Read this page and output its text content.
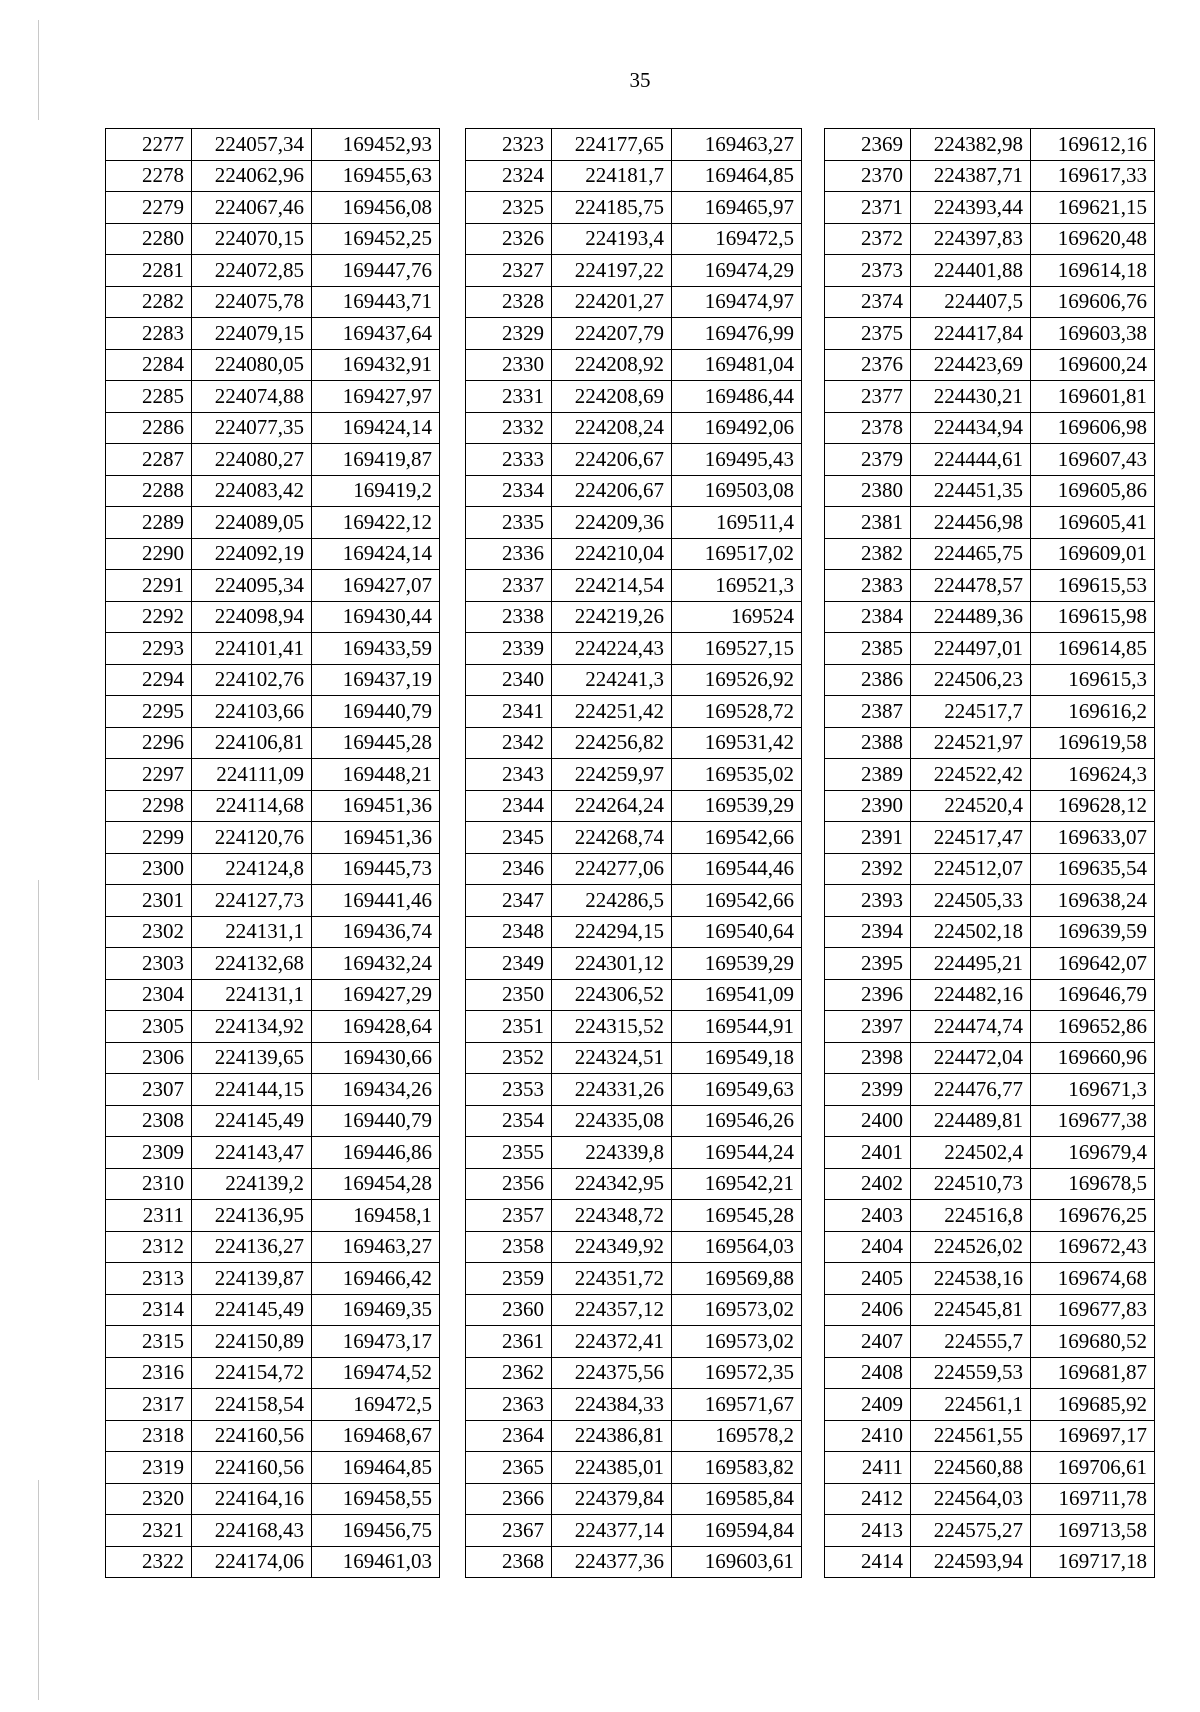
35
2277	224057,34	169452,93
2278	224062,96	169455,63
2279	224067,46	169456,08
2280	224070,15	169452,25
2281	224072,85	169447,76
2282	224075,78	169443,71
2283	224079,15	169437,64
2284	224080,05	169432,91
2285	224074,88	169427,97
2286	224077,35	169424,14
2287	224080,27	169419,87
2288	224083,42	169419,2
2289	224089,05	169422,12
2290	224092,19	169424,14
2291	224095,34	169427,07
2292	224098,94	169430,44
2293	224101,41	169433,59
2294	224102,76	169437,19
2295	224103,66	169440,79
2296	224106,81	169445,28
2297	224111,09	169448,21
2298	224114,68	169451,36
2299	224120,76	169451,36
2300	224124,8	169445,73
2301	224127,73	169441,46
2302	224131,1	169436,74
2303	224132,68	169432,24
2304	224131,1	169427,29
2305	224134,92	169428,64
2306	224139,65	169430,66
2307	224144,15	169434,26
2308	224145,49	169440,79
2309	224143,47	169446,86
2310	224139,2	169454,28
2311	224136,95	169458,1
2312	224136,27	169463,27
2313	224139,87	169466,42
2314	224145,49	169469,35
2315	224150,89	169473,17
2316	224154,72	169474,52
2317	224158,54	169472,5
2318	224160,56	169468,67
2319	224160,56	169464,85
2320	224164,16	169458,55
2321	224168,43	169456,75
2322	224174,06	169461,03
2323	224177,65	169463,27
2324	224181,7	169464,85
2325	224185,75	169465,97
2326	224193,4	169472,5
2327	224197,22	169474,29
2328	224201,27	169474,97
2329	224207,79	169476,99
2330	224208,92	169481,04
2331	224208,69	169486,44
2332	224208,24	169492,06
2333	224206,67	169495,43
2334	224206,67	169503,08
2335	224209,36	169511,4
2336	224210,04	169517,02
2337	224214,54	169521,3
2338	224219,26	169524
2339	224224,43	169527,15
2340	224241,3	169526,92
2341	224251,42	169528,72
2342	224256,82	169531,42
2343	224259,97	169535,02
2344	224264,24	169539,29
2345	224268,74	169542,66
2346	224277,06	169544,46
2347	224286,5	169542,66
2348	224294,15	169540,64
2349	224301,12	169539,29
2350	224306,52	169541,09
2351	224315,52	169544,91
2352	224324,51	169549,18
2353	224331,26	169549,63
2354	224335,08	169546,26
2355	224339,8	169544,24
2356	224342,95	169542,21
2357	224348,72	169545,28
2358	224349,92	169564,03
2359	224351,72	169569,88
2360	224357,12	169573,02
2361	224372,41	169573,02
2362	224375,56	169572,35
2363	224384,33	169571,67
2364	224386,81	169578,2
2365	224385,01	169583,82
2366	224379,84	169585,84
2367	224377,14	169594,84
2368	224377,36	169603,61
2369	224382,98	169612,16
2370	224387,71	169617,33
2371	224393,44	169621,15
2372	224397,83	169620,48
2373	224401,88	169614,18
2374	224407,5	169606,76
2375	224417,84	169603,38
2376	224423,69	169600,24
2377	224430,21	169601,81
2378	224434,94	169606,98
2379	224444,61	169607,43
2380	224451,35	169605,86
2381	224456,98	169605,41
2382	224465,75	169609,01
2383	224478,57	169615,53
2384	224489,36	169615,98
2385	224497,01	169614,85
2386	224506,23	169615,3
2387	224517,7	169616,2
2388	224521,97	169619,58
2389	224522,42	169624,3
2390	224520,4	169628,12
2391	224517,47	169633,07
2392	224512,07	169635,54
2393	224505,33	169638,24
2394	224502,18	169639,59
2395	224495,21	169642,07
2396	224482,16	169646,79
2397	224474,74	169652,86
2398	224472,04	169660,96
2399	224476,77	169671,3
2400	224489,81	169677,38
2401	224502,4	169679,4
2402	224510,73	169678,5
2403	224516,8	169676,25
2404	224526,02	169672,43
2405	224538,16	169674,68
2406	224545,81	169677,83
2407	224555,7	169680,52
2408	224559,53	169681,87
2409	224561,1	169685,92
2410	224561,55	169697,17
2411	224560,88	169706,61
2412	224564,03	169711,78
2413	224575,27	169713,58
2414	224593,94	169717,18
